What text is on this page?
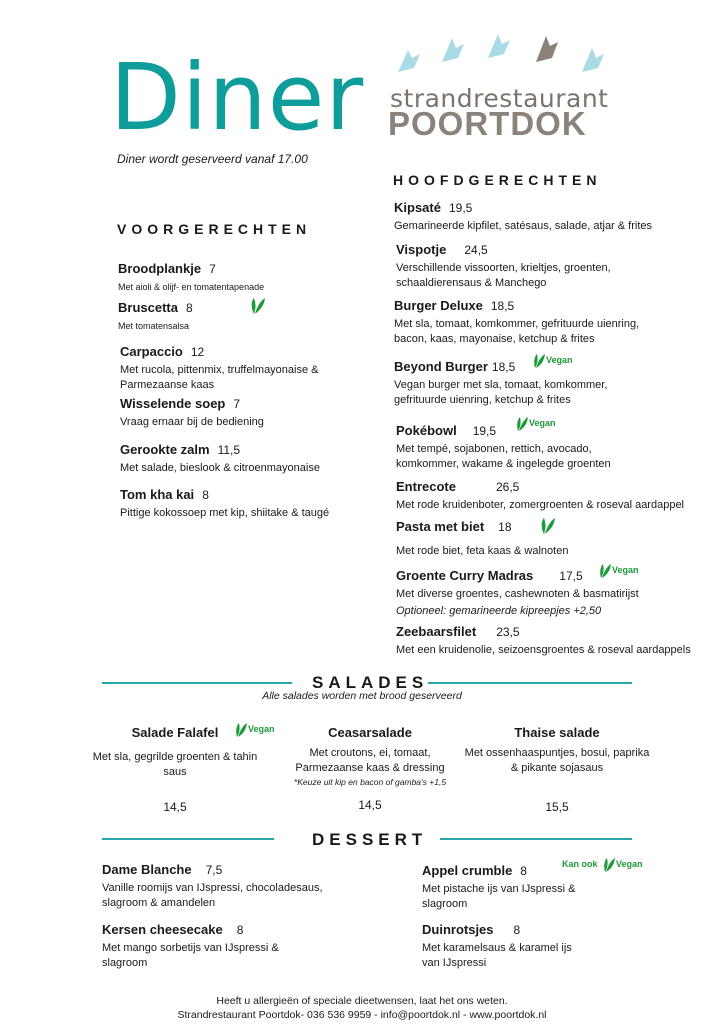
Diner
Diner wordt geserveerd vanaf 17.00
strandrestaurant
POORTDOK
VOORGERECHTEN
Broodplankje 7
Met aioli & olijf- en tomatentapenade
Bruscetta 8
Met tomatensalsa
Carpaccio 12
Met rucola, pittenmix, truffelmayonaise & Parmezaanse kaas
Wisselende soep 7
Vraag ernaar bij de bediening
Gerookte zalm 11,5
Met salade, bieslook & citroenmayonaise
Tom kha kai 8
Pittige kokossoep met kip, shiitake & taugé
HOOFDGERECHTEN
Kipsaté 19,5
Gemarineerde kipfilet, satésaus, salade, atjar & frites
Vispotje 24,5
Verschillende vissoorten, krieltjes, groenten, schaaldierensaus & Manchego
Burger Deluxe 18,5
Met sla, tomaat, komkommer, gefrituurde uienring, bacon, kaas, mayonaise, ketchup & frites
Beyond Burger 18,5
Vegan burger met sla, tomaat, komkommer, gefrituurde uienring, ketchup & frites
Vegan
Pokébowl 19,5
Met tempé, sojabonen, rettich, avocado, komkommer, wakame & ingelegde groenten
Vegan
Entrecote	26,5
Met rode kruidenboter, zomergroenten & roseval aardappel
Pasta met biet 18
Met rode biet, feta kaas & walnoten
Groente Curry Madras 17,5
Met diverse groentes, cashewnoten & basmatirijst
Optioneel: gemarineerde kipreepjes +2,50
Vegan
Zeebaarsfilet 23,5
Met een kruidenolie, seizoensgroentes & roseval aardappels
SALADES
Alle salades worden met brood geserveerd
Salade Falafel
Met sla, gegrilde groenten & tahin saus
14,5
Vegan	Ceasarsalade
Met croutons, ei, tomaat, Parmezaanse kaas & dressing
*Keuze uit kip en bacon of gamba's +1,5
14,5
Thaise salade
Met ossenhaaspuntjes, bosui, paprika & pikante sojasaus
15,5
DESSERT
Dame Blanche 7,5
Vanille roomijs van IJspressi, chocoladesaus, slagroom & amandelen
Kersen cheesecake 8
Met mango sorbetijs van IJspressi & slagroom
Appel crumble 8
Met pistache ijs van IJspressi & slagroom
Kan ook Vegan
Duinrotsjes 8
Met karamelsaus & karamel ijs van IJspressi
Heeft u allergieën of speciale dieetwensen, laat het ons weten.
Strandrestaurant Poortdok- 036 536 9959 - info@poortdok.nl - www.poortdok.nl
